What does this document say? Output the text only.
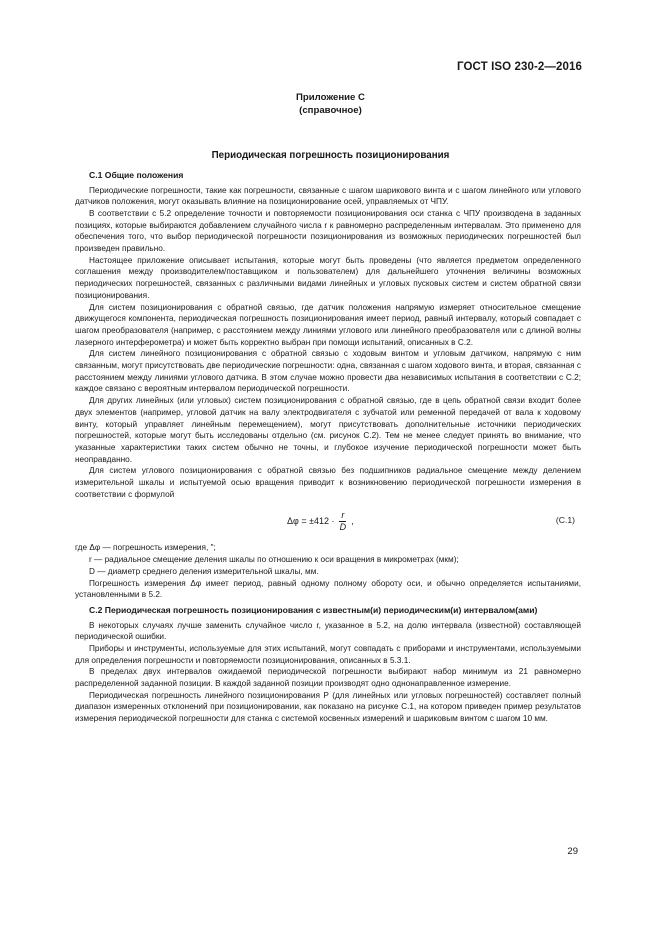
ГОСТ ISO 230-2—2016
Приложение С
(справочное)
Периодическая погрешность позиционирования
С.1 Общие положения

Периодические погрешности, такие как погрешности, связанные с шагом шарикового винта и с шагом линейного или углового датчиков положения, могут оказывать влияние на позиционирование осей, управляемых от ЧПУ.

В соответствии с 5.2 определение точности и повторяемости позиционирования оси станка с ЧПУ производена в заданных позициях, которые выбираются добавлением случайного числа r к равномерно распределенным интервалам. Это применено для обеспечения того, что выбор периодической погрешности позиционирования из возможных периодических погрешностей был произведен правильно.

Настоящее приложение описывает испытания, которые могут быть проведены (что является предметом определенного соглашения между производителем/поставщиком и пользователем) для дальнейшего уточнения величины возможных периодических погрешностей, связанных с различными видами линейных и угловых пусковых систем и систем обратной связи позиционирования.

Для систем позиционирования с обратной связью, где датчик положения напрямую измеряет относительное смещение движущегося компонента, периодическая погрешность позиционирования имеет период, равный интервалу, который совпадает с шагом преобразователя (например, с расстоянием между линиями углового или линейного преобразователя или с длиной волны лазерного интерферометра) и может быть корректно выбран при помощи испытаний, описанных в С.2.

Для систем линейного позиционирования с обратной связью с ходовым винтом и угловым датчиком, напрямую с ним связанным, могут присутствовать две периодические погрешности: одна, связанная с шагом ходового винта, и вторая, связанная с расстоянием между линиями углового датчика. В этом случае можно провести два независимых испытания в соответствии с С.2; каждое связано с вероятным интервалом периодической погрешности.

Для других линейных (или угловых) систем позиционирования с обратной связью, где в цепь обратной связи входит более двух элементов (например, угловой датчик на валу электродвигателя с зубчатой или ременной передачей от вала к ходовому винту, который управляет линейным перемещением), могут присутствовать дополнительные источники периодических погрешностей, которые могут быть исследованы отдельно (см. рисунок С.2). Тем не менее следует принять во внимание, что указанные характеристики таких систем обычно не точны, и глубокое изучение периодической погрешности может быть неоправданно.

Для систем углового позиционирования с обратной связью без подшипников радиальное смещение между делением измерительной шкалы и испытуемой осью вращения приводит к возникновению периодической погрешности измерения в соответствии с формулой

$\Delta\varphi = \pm 412 \cdot \frac{r}{D}$ ,	(С.1)

где Δφ — погрешность измерения, ";

r — радиальное смещение деления шкалы по отношению к оси вращения в микрометрах (мкм);
D — диаметр среднего деления измерительной шкалы, мм.

Погрешность измерения Δφ имеет период, равный одному полному обороту оси, и обычно определяется испытаниями, установленными в 5.2.

С.2 Периодическая погрешность позиционирования с известным(и) периодическим(и) интервалом(ами)

В некоторых случаях лучше заменить случайное число r, указанное в 5.2, на долю интервала (известной) составляющей периодической ошибки.

Приборы и инструменты, используемые для этих испытаний, могут совпадать с приборами и инструментами, используемыми для определения погрешности и повторяемости позиционирования, описанных в 5.3.1.

В пределах двух интервалов ожидаемой периодической погрешности выбирают набор минимум из 21 равномерно распределенной заданной позиции. В каждой заданной позиции производят одно однонаправленное измерение.

Периодическая погрешность линейного позиционирования P (для линейных или угловых погрешностей) составляет полный диапазон измеренных отклонений при позиционировании, как показано на рисунке С.1, на котором приведен пример результатов измерения периодической погрешности для станка с системой косвенных измерений и шариковым винтом с шагом 10 мм.

29
